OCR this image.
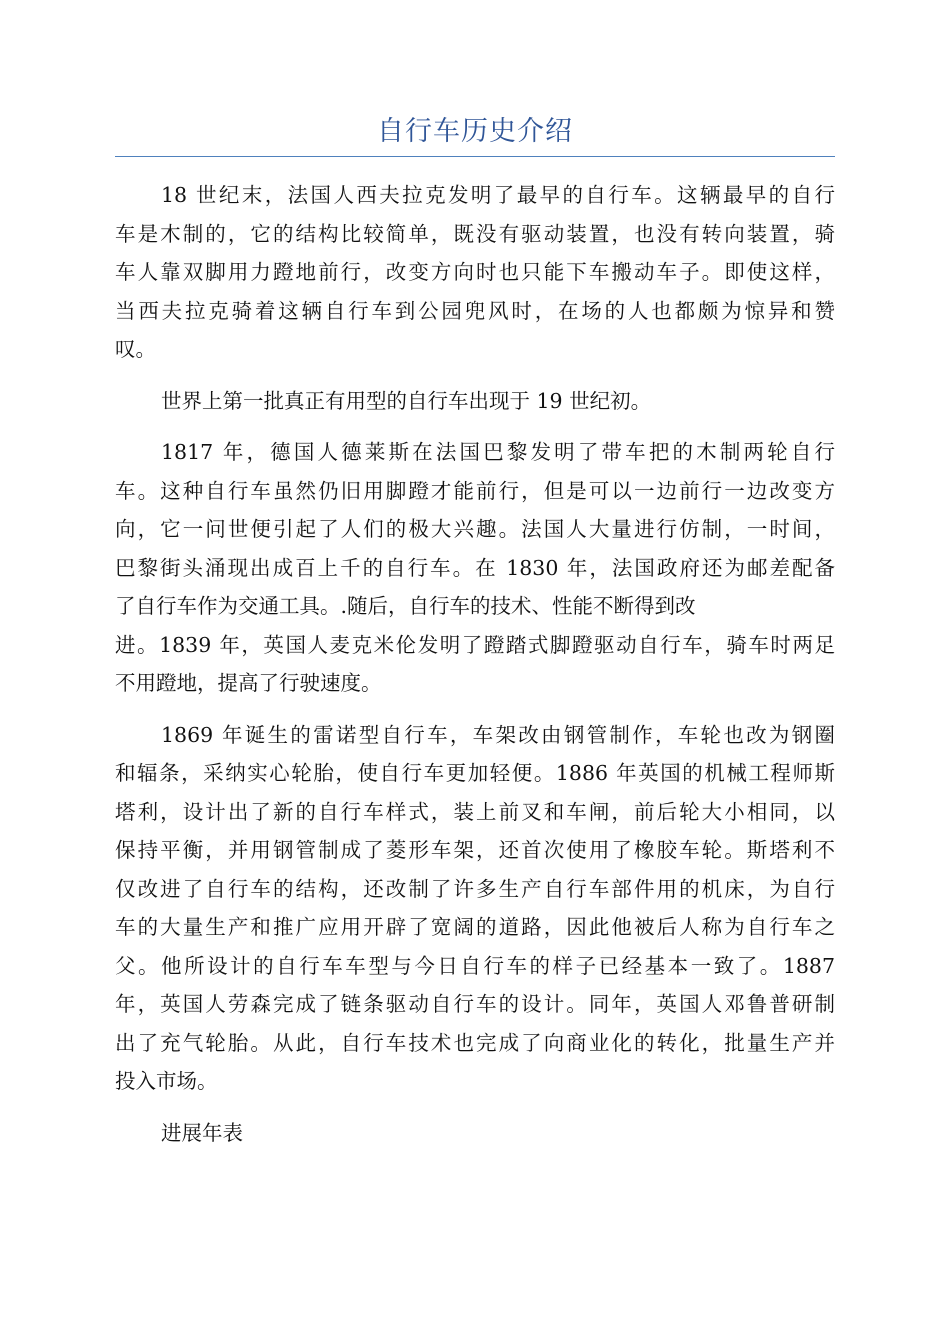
自行车历史介绍
18 世纪末，法国人西夫拉克发明了最早的自行车。这辆最早的自行
车是木制的，它的结构比较简单，既没有驱动装置，也没有转向装置，骑
车人靠双脚用力蹬地前行，改变方向时也只能下车搬动车子。即使这样，
当西夫拉克骑着这辆自行车到公园兜风时，在场的人也都颇为惊异和赞
叹。
世界上第一批真正有用型的自行车出现于 19 世纪初。
1817 年，德国人德莱斯在法国巴黎发明了带车把的木制两轮自行
车。这种自行车虽然仍旧用脚蹬才能前行，但是可以一边前行一边改变方
向，它一问世便引起了人们的极大兴趣。法国人大量进行仿制，一时间，
巴黎街头涌现出成百上千的自行车。在 1830 年，法国政府还为邮差配备
了自行车作为交通工具。.随后，自行车的技术、性能不断得到改
进。1839 年，英国人麦克米伦发明了蹬踏式脚蹬驱动自行车，骑车时两足
不用蹬地，提高了行驶速度。
1869 年诞生的雷诺型自行车，车架改由钢管制作，车轮也改为钢圈
和辐条，采纳实心轮胎，使自行车更加轻便。1886 年英国的机械工程师斯
塔利，设计出了新的自行车样式，装上前叉和车闸，前后轮大小相同，以
保持平衡，并用钢管制成了菱形车架，还首次使用了橡胶车轮。斯塔利不
仅改进了自行车的结构，还改制了许多生产自行车部件用的机床，为自行
车的大量生产和推广应用开辟了宽阔的道路，因此他被后人称为自行车之
父。他所设计的自行车车型与今日自行车的样子已经基本一致了。1887
年，英国人劳森完成了链条驱动自行车的设计。同年，英国人邓鲁普研制
出了充气轮胎。从此，自行车技术也完成了向商业化的转化，批量生产并
投入市场。
进展年表
